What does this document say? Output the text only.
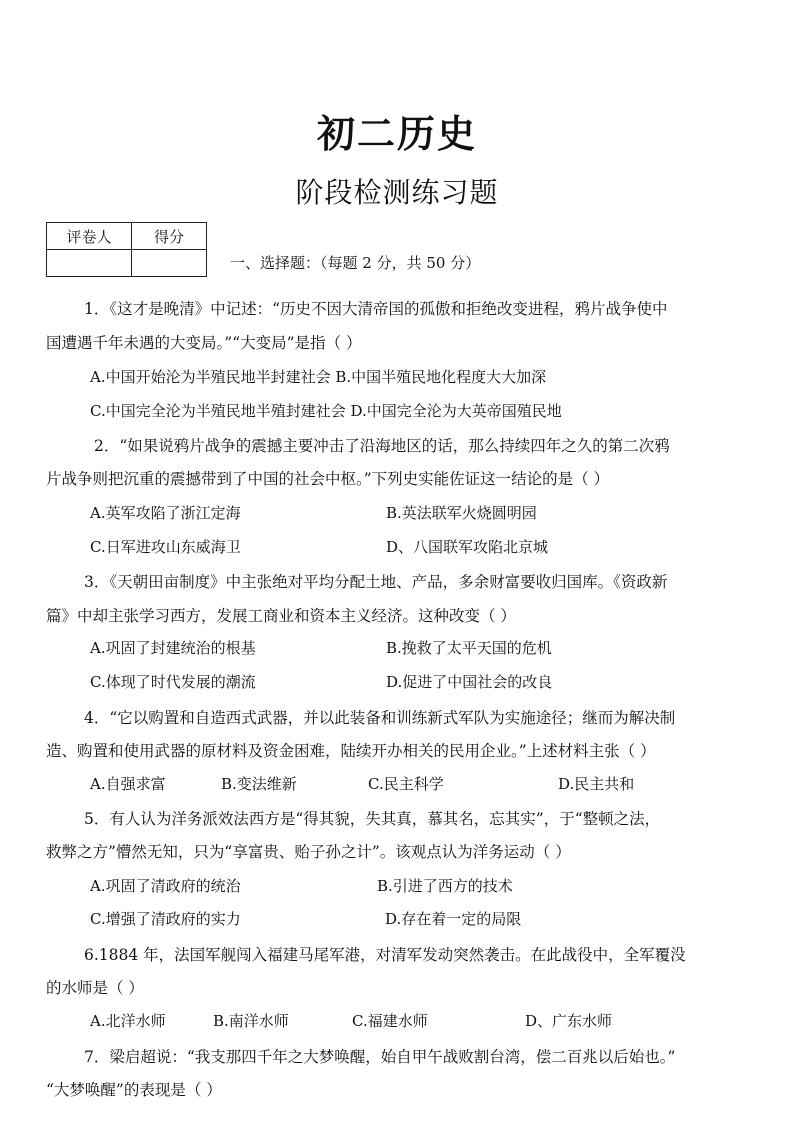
初二历史
阶段检测练习题
评卷人	得分

一、选择题：（每题 2 分，共 50 分）
1．《这才是晚清》中记述：“历史不因大清帝国的孤傲和拒绝改变进程，鸦片战争使中
国遭遇千年未遇的大变局。”“大变局”是指（ ）
A.中国开始沦为半殖民地半封建社会 B.中国半殖民地化程度大大加深
C.中国完全沦为半殖民地半殖封建社会 D.中国完全沦为大英帝国殖民地
2．“如果说鸦片战争的震撼主要冲击了沿海地区的话，那么持续四年之久的第二次鸦
片战争则把沉重的震撼带到了中国的社会中枢。”下列史实能佐证这一结论的是（ ）
A.英军攻陷了浙江定海	B.英法联军火烧圆明园
C.日军进攻山东威海卫	D、八国联军攻陷北京城
3．《天朝田亩制度》中主张绝对平均分配土地、产品，多余财富要收归国库。《资政新
篇》中却主张学习西方，发展工商业和资本主义经济。这种改变（ ）
A.巩固了封建统治的根基	B.挽救了太平天国的危机
C.体现了时代发展的潮流	D.促进了中国社会的改良
4．“它以购置和自造西式武器，并以此装备和训练新式军队为实施途径；继而为解决制
造、购置和使用武器的原材料及资金困难，陆续开办相关的民用企业。”上述材料主张（ ）
A.自强求富	B.变法维新	C.民主科学	D.民主共和
5．有人认为洋务派效法西方是“得其貌，失其真，慕其名，忘其实”，于“整顿之法，
救弊之方”懵然无知，只为“享富贵、贻子孙之计”。该观点认为洋务运动（ ）
A.巩固了清政府的统治	B.引进了西方的技术
C.增强了清政府的实力	D.存在着一定的局限
6.1884 年，法国军舰闯入福建马尾军港，对清军发动突然袭击。在此战役中，全军覆没
的水师是（ ）
A.北洋水师	B.南洋水师	C.福建水师	D、广东水师
7．梁启超说：“我支那四千年之大梦唤醒，始自甲午战败割台湾，偿二百兆以后始也。”
“大梦唤醒”的表现是（ ）
